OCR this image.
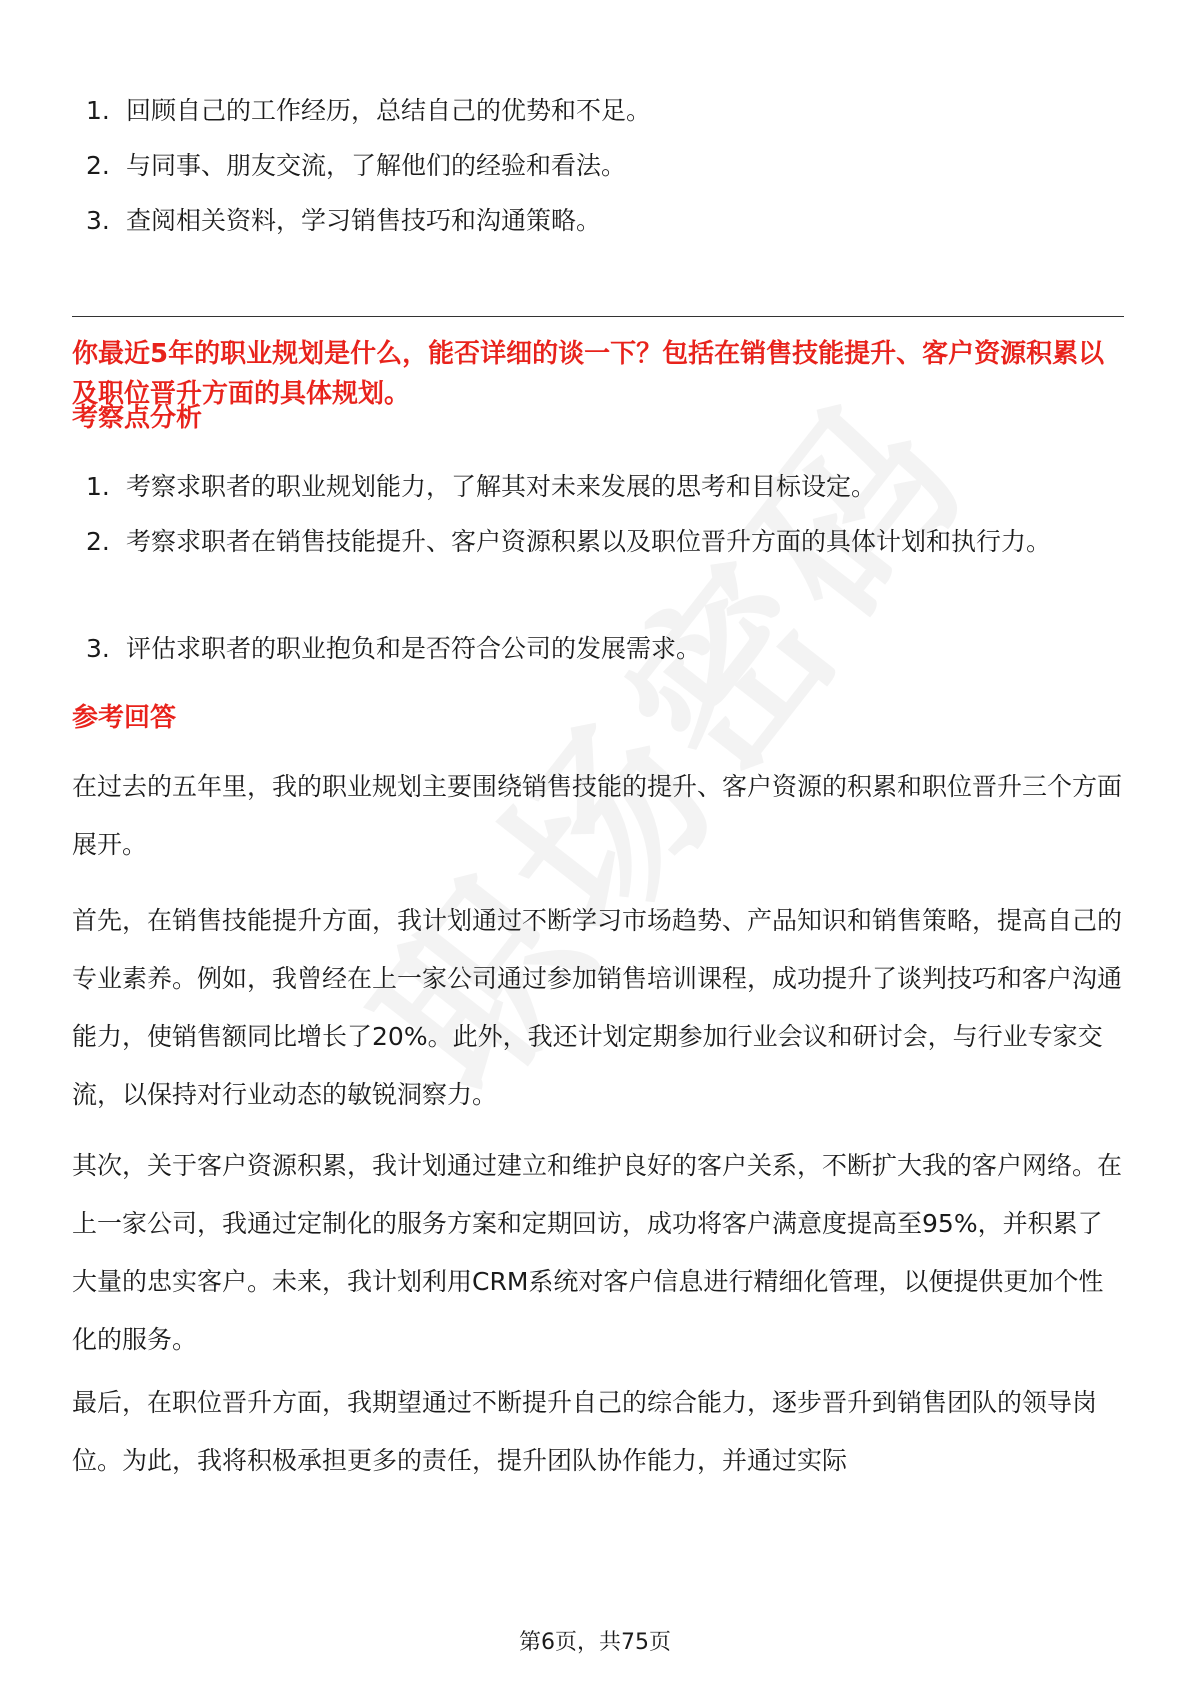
1. 回顾自己的工作经历，总结自己的优势和不足。
2. 与同事、朋友交流，了解他们的经验和看法。
3. 查阅相关资料，学习销售技巧和沟通策略。
你最近5年的职业规划是什么，能否详细的谈一下？包括在销售技能提升、客户资源积累以及职位晋升方面的具体规划。
考察点分析
1. 考察求职者的职业规划能力，了解其对未来发展的思考和目标设定。
2. 考察求职者在销售技能提升、客户资源积累以及职位晋升方面的具体计划和执行力。
3. 评估求职者的职业抱负和是否符合公司的发展需求。
参考回答

在过去的五年里，我的职业规划主要围绕销售技能的提升、客户资源的积累和职位晋升三个方面展开。

首先，在销售技能提升方面，我计划通过不断学习市场趋势、产品知识和销售策略，提高自己的专业素养。例如，我曾经在上一家公司通过参加销售培训课程，成功提升了谈判技巧和客户沟通能力，使销售额同比增长了20%。此外，我还计划定期参加行业会议和研讨会，与行业专家交流，以保持对行业动态的敏锐洞察力。

其次，关于客户资源积累，我计划通过建立和维护良好的客户关系，不断扩大我的客户网络。在上一家公司，我通过定制化的服务方案和定期回访，成功将客户满意度提高至95%，并积累了大量的忠实客户。未来，我计划利用CRM系统对客户信息进行精细化管理，以便提供更加个性化的服务。

最后，在职位晋升方面，我期望通过不断提升自己的综合能力，逐步晋升到销售团队的领导岗位。为此，我将积极承担更多的责任，提升团队协作能力，并通过实际

第6页，共75页
